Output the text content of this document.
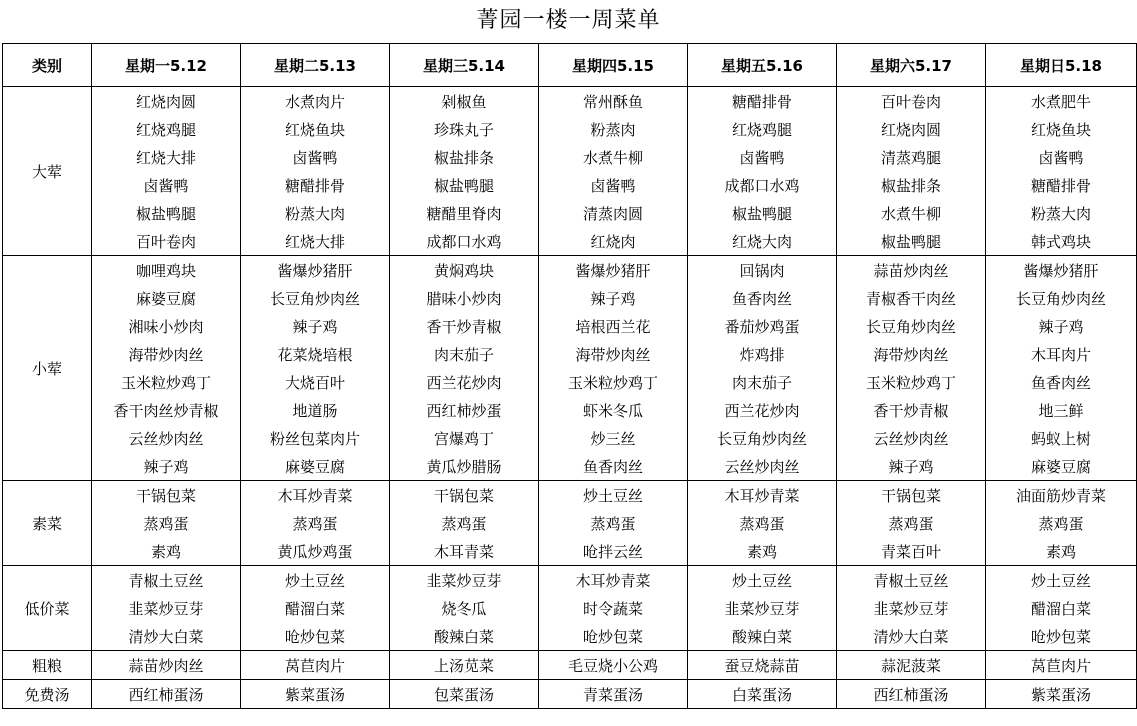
菁园一楼一周菜单
类别	星期一5.12	星期二5.13	星期三5.14	星期四5.15	星期五5.16	星期六5.17	星期日5.18
大荤	红烧肉圆	水煮肉片	剁椒鱼	常州酥鱼	糖醋排骨	百叶卷肉	水煮肥牛
	红烧鸡腿	红烧鱼块	珍珠丸子	粉蒸肉	红烧鸡腿	红烧肉圆	红烧鱼块
	红烧大排	卤酱鸭	椒盐排条	水煮牛柳	卤酱鸭	清蒸鸡腿	卤酱鸭
	卤酱鸭	糖醋排骨	椒盐鸭腿	卤酱鸭	成都口水鸡	椒盐排条	糖醋排骨
	椒盐鸭腿	粉蒸大肉	糖醋里脊肉	清蒸肉圆	椒盐鸭腿	水煮牛柳	粉蒸大肉
	百叶卷肉	红烧大排	成都口水鸡	红烧肉	红烧大肉	椒盐鸭腿	韩式鸡块
小荤	咖哩鸡块	酱爆炒猪肝	黄焖鸡块	酱爆炒猪肝	回锅肉	蒜苗炒肉丝	酱爆炒猪肝
	麻婆豆腐	长豆角炒肉丝	腊味小炒肉	辣子鸡	鱼香肉丝	青椒香干肉丝	长豆角炒肉丝
	湘味小炒肉	辣子鸡	香干炒青椒	培根西兰花	番茄炒鸡蛋	长豆角炒肉丝	辣子鸡
	海带炒肉丝	花菜烧培根	肉末茄子	海带炒肉丝	炸鸡排	海带炒肉丝	木耳肉片
	玉米粒炒鸡丁	大烧百叶	西兰花炒肉	玉米粒炒鸡丁	肉末茄子	玉米粒炒鸡丁	鱼香肉丝
	香干肉丝炒青椒	地道肠	西红柿炒蛋	虾米冬瓜	西兰花炒肉	香干炒青椒	地三鲜
	云丝炒肉丝	粉丝包菜肉片	宫爆鸡丁	炒三丝	长豆角炒肉丝	云丝炒肉丝	蚂蚁上树
	辣子鸡	麻婆豆腐	黄瓜炒腊肠	鱼香肉丝	云丝炒肉丝	辣子鸡	麻婆豆腐
素菜	干锅包菜	木耳炒青菜	干锅包菜	炒土豆丝	木耳炒青菜	干锅包菜	油面筋炒青菜
	蒸鸡蛋	蒸鸡蛋	蒸鸡蛋	蒸鸡蛋	蒸鸡蛋	蒸鸡蛋	蒸鸡蛋
	素鸡	黄瓜炒鸡蛋	木耳青菜	呛拌云丝	素鸡	青菜百叶	素鸡
低价菜	青椒土豆丝	炒土豆丝	韭菜炒豆芽	木耳炒青菜	炒土豆丝	青椒土豆丝	炒土豆丝
	韭菜炒豆芽	醋溜白菜	烧冬瓜	时令蔬菜	韭菜炒豆芽	韭菜炒豆芽	醋溜白菜
	清炒大白菜	呛炒包菜	酸辣白菜	呛炒包菜	酸辣白菜	清炒大白菜	呛炒包菜
粗粮	蒜苗炒肉丝	莴苣肉片	上汤苋菜	毛豆烧小公鸡	蚕豆烧蒜苗	蒜泥菠菜	莴苣肉片
免费汤	西红柿蛋汤	紫菜蛋汤	包菜蛋汤	青菜蛋汤	白菜蛋汤	西红柿蛋汤	紫菜蛋汤
